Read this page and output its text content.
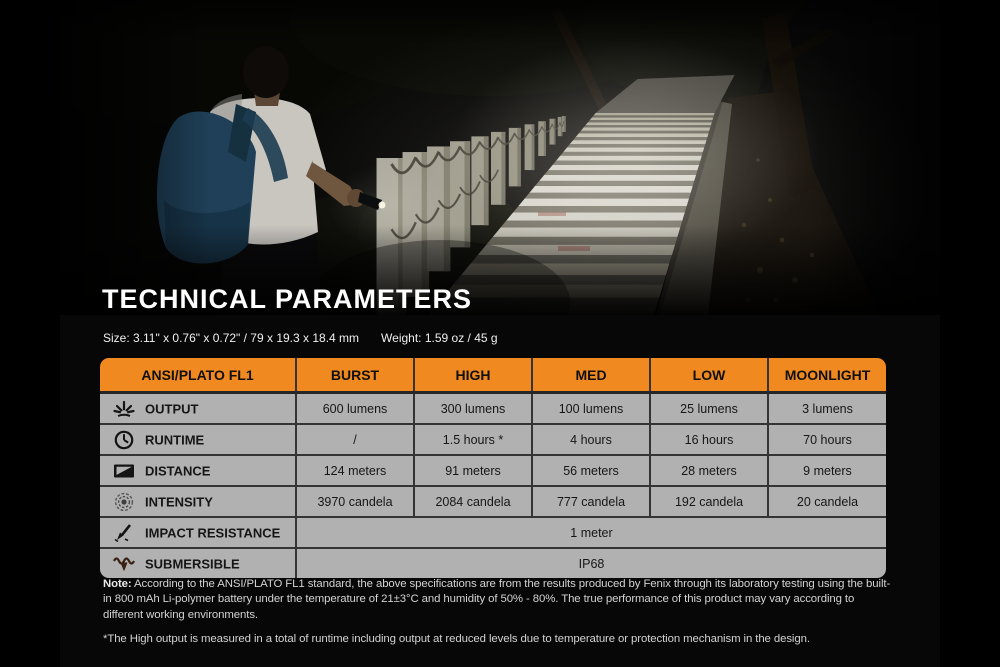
TECHNICAL PARAMETERS
Size: 3.11" x 0.76" x 0.72" / 79 x 19.3 x 18.4 mm Weight: 1.59 oz / 45 g
ANSI/PLATO FL1	BURST	HIGH	MED	LOW	MOONLIGHT
OUTPUT	600 lumens	300 lumens	100 lumens	25 lumens	3 lumens
RUNTIME	/	1.5 hours *	4 hours	16 hours	70 hours
DISTANCE	124 meters	91 meters	56 meters	28 meters	9 meters
INTENSITY	3970 candela	2084 candela	777 candela	192 candela	20 candela
IMPACT RESISTANCE	1 meter				
SUBMERSIBLE	IP68				
Note: According to the ANSI/PLATO FL1 standard, the above specifications are from the results produced by Fenix through its laboratory testing using the built-in 800 mAh Li-polymer battery under the temperature of 21±3°C and humidity of 50% - 80%. The true performance of this product may vary according to different working environments.
*The High output is measured in a total of runtime including output at reduced levels due to temperature or protection mechanism in the design.
